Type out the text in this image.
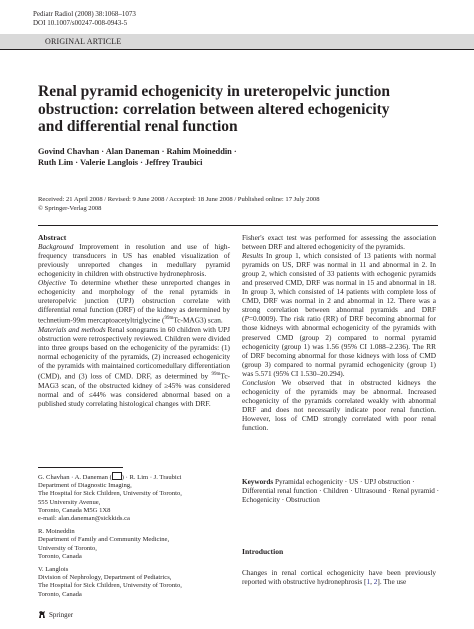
Pediatr Radiol (2008) 38:1068–1073
DOI 10.1007/s00247-008-0943-5
ORIGINAL ARTICLE
Renal pyramid echogenicity in ureteropelvic junction
obstruction: correlation between altered echogenicity
and differential renal function
Govind Chavhan · Alan Daneman · Rahim Moineddin ·
Ruth Lim · Valerie Langlois · Jeffrey Traubici
Received: 21 April 2008 / Revised: 9 June 2008 / Accepted: 18 June 2008 / Published online: 17 July 2008
© Springer-Verlag 2008
Abstract
Background Improvement in resolution and use of high-frequency transducers in US has enabled visualization of previously unreported changes in medullary pyramid echogenicity in children with obstructive hydronephrosis.
Objective To determine whether these unreported changes in echogenicity and morphology of the renal pyramids in ureteropelvic junction (UPJ) obstruction correlate with differential renal function (DRF) of the kidney as determined by technetium-99m mercaptoacetyltriglycine ($^{99m}$Tc-MAG3) scan.
Materials and methods Renal sonograms in 60 children with UPJ obstruction were retrospectively reviewed. Children were divided into three groups based on the echogenicity of the pyramids: (1) normal echogenicity of the pyramids, (2) increased echogenicity of the pyramids with maintained corticomedullary differentiation (CMD), and (3) loss of CMD. DRF, as determined by $^{99m}$Tc-MAG3 scan, of the obstructed kidney of ≥45% was considered normal and of ≤44% was considered abnormal based on a published study correlating histological changes with DRF.

G. Chavhan · A. Daneman ( ) · R. Lim · J. Traubici
Department of Diagnostic Imaging,
The Hospital for Sick Children, University of Toronto,
555 University Avenue,
Toronto, Canada M5G 1X8
e-mail: alan.daneman@sickkids.ca

R. Moineddin
Department of Family and Community Medicine,
University of Toronto,
Toronto, Canada

V. Langlois
Division of Nephrology, Department of Pediatrics,
The Hospital for Sick Children, University of Toronto,
Toronto, Canada

Fisher's exact test was performed for assessing the association between DRF and altered echogenicity of the pyramids.
Results In group 1, which consisted of 13 patients with normal pyramids on US, DRF was normal in 11 and abnormal in 2. In group 2, which consisted of 33 patients with echogenic pyramids and preserved CMD, DRF was normal in 15 and abnormal in 18. In group 3, which consisted of 14 patients with complete loss of CMD, DRF was normal in 2 and abnormal in 12. There was a strong correlation between abnormal pyramids and DRF (P=0.0009). The risk ratio (RR) of DRF becoming abnormal for those kidneys with abnormal echogenicity of the pyramids with preserved CMD (group 2) compared to normal pyramid echogenicity (group 1) was 1.56 (95% CI 1.088–2.236). The RR of DRF becoming abnormal for those kidneys with loss of CMD (group 3) compared to normal pyramid echogenicity (group 1) was 5.571 (95% CI 1.530–20.294).
Conclusion We observed that in obstructed kidneys the echogenicity of the pyramids may be abnormal. Increased echogenicity of the pyramids correlated weakly with abnormal DRF and does not necessarily indicate poor renal function. However, loss of CMD strongly correlated with poor renal function.
Keywords Pyramidal echogenicity · US · UPJ obstruction · Differential renal function · Children · Ultrasound · Renal pyramid · Echogenicity · Obstruction
Introduction
Changes in renal cortical echogenicity have been previously reported with obstructive hydronephrosis [1, 2]. The use
Springer
